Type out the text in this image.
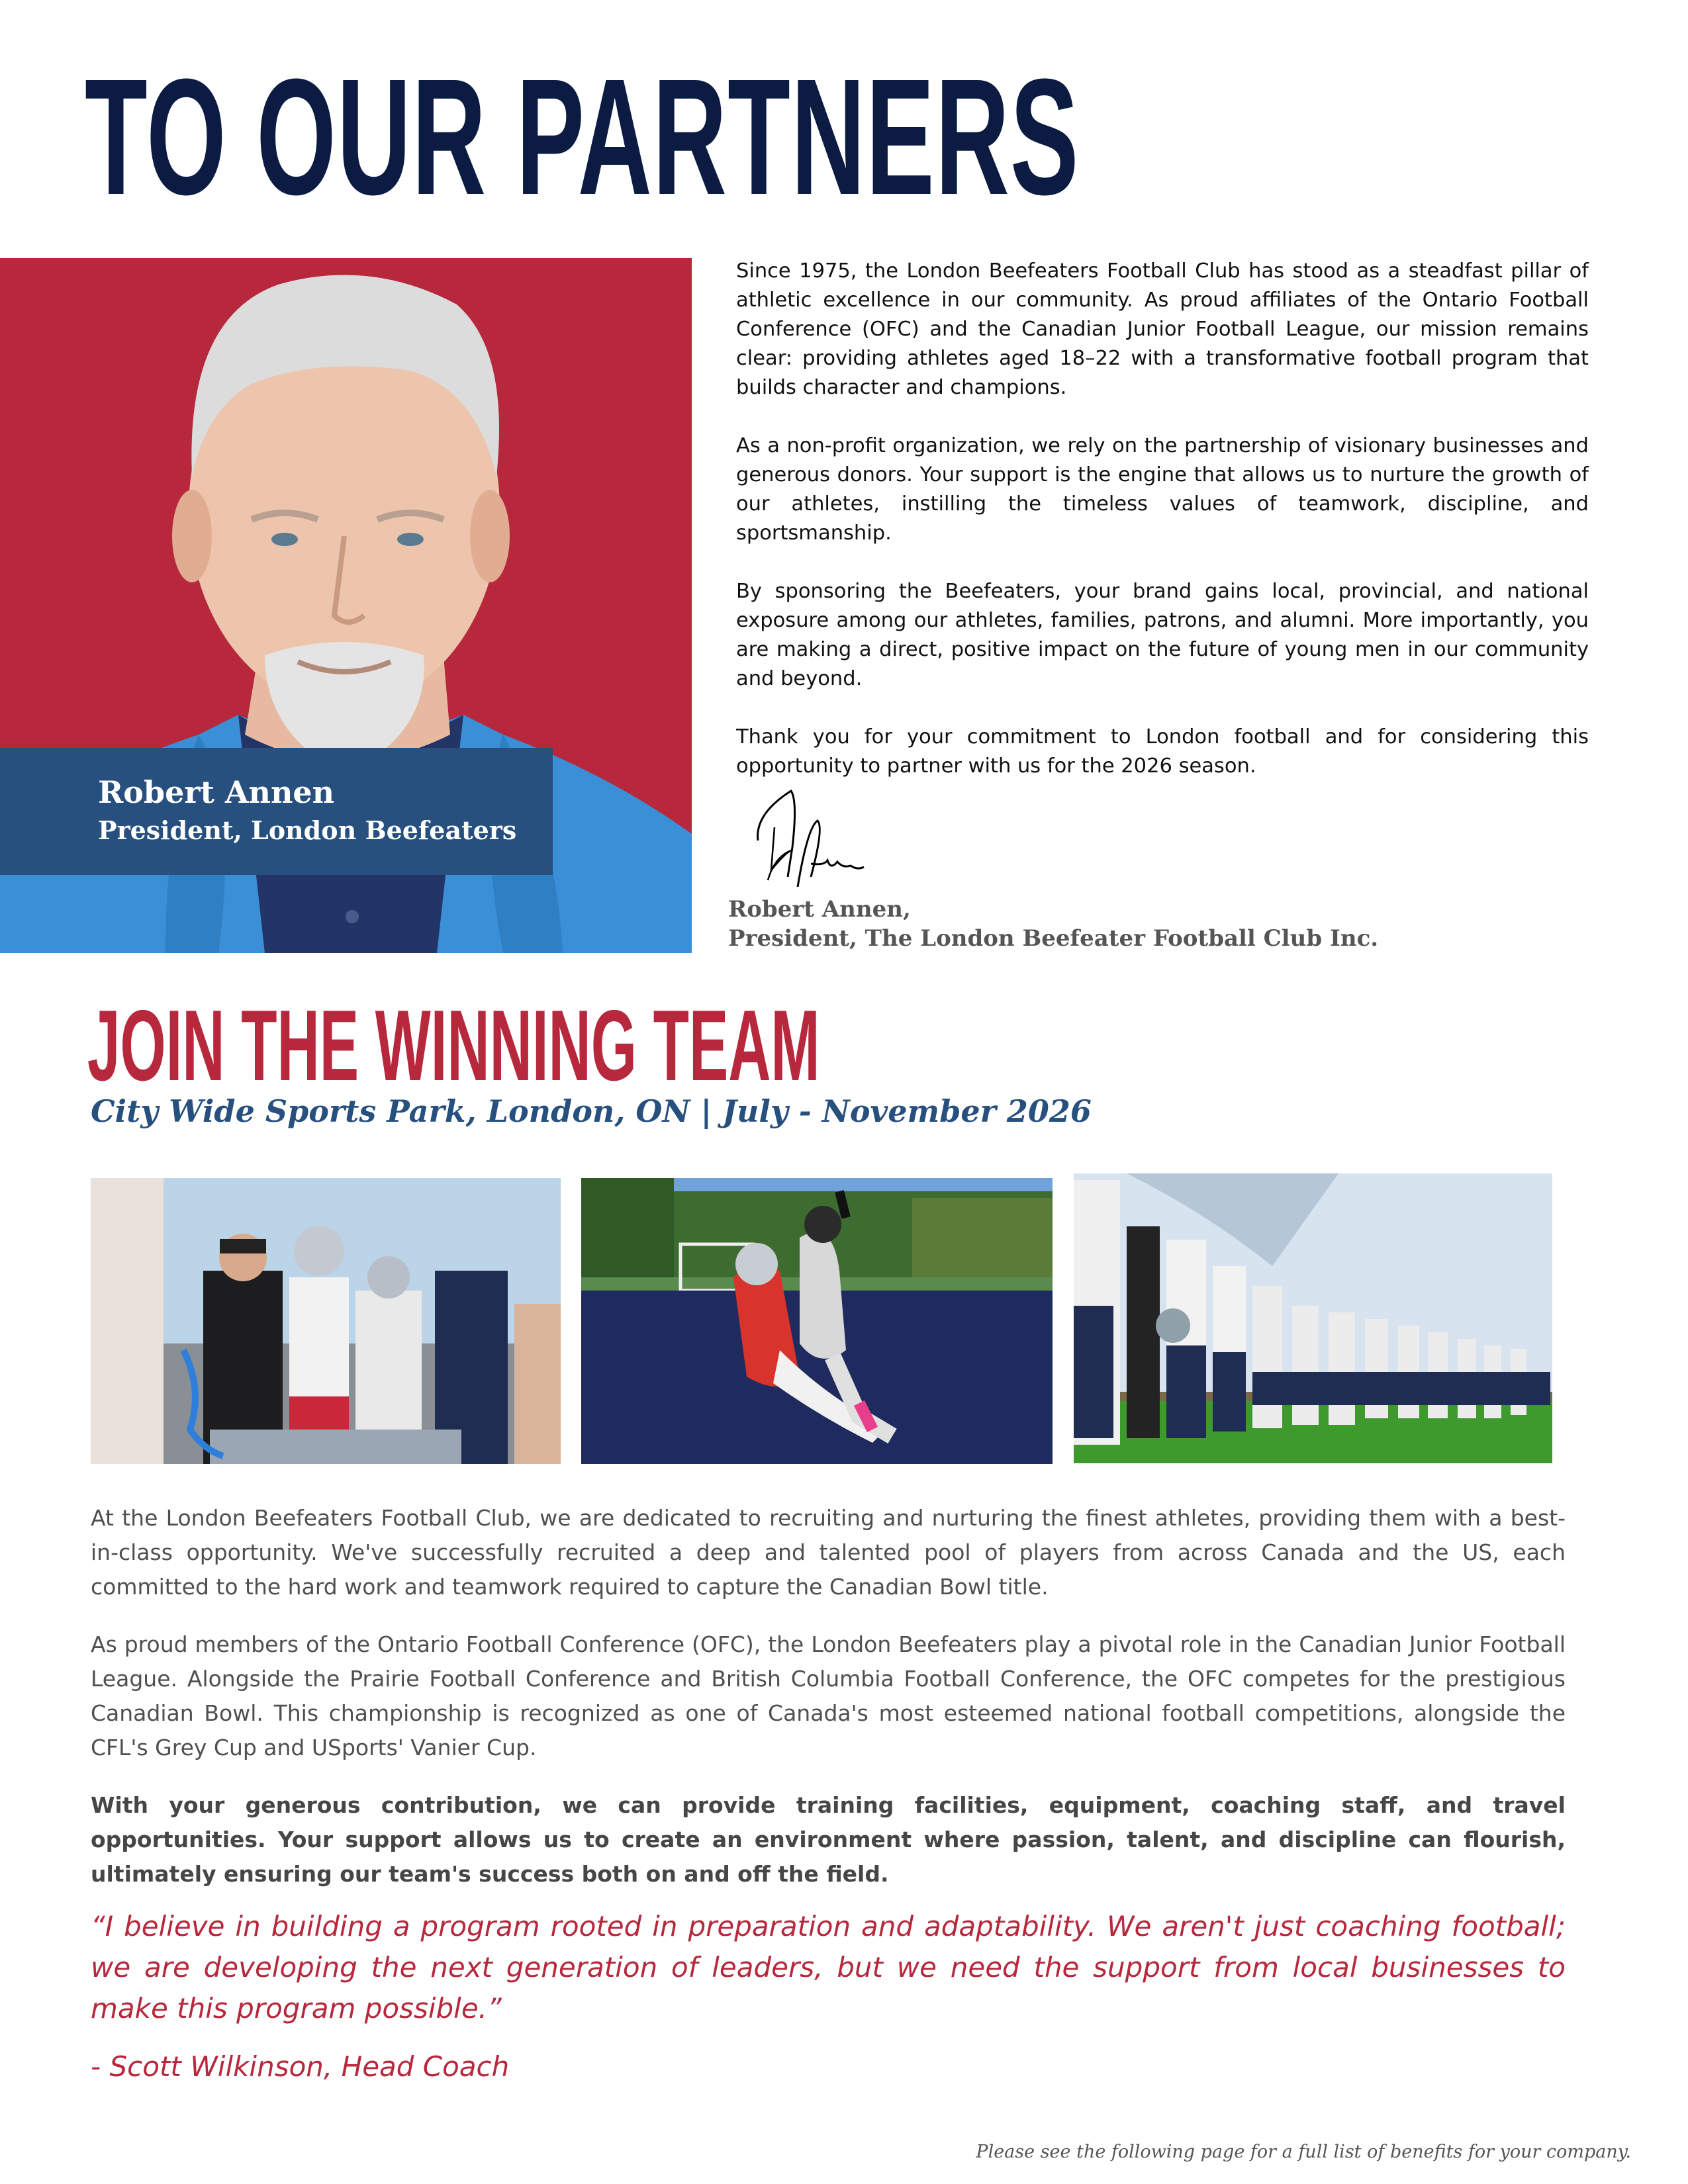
TO OUR PARTNERS
Robert Annen
President, London Beefeaters

Since 1975, the London Beefeaters Football Club has stood as a steadfast pillar of athletic excellence in our community. As proud affiliates of the Ontario Football Conference (OFC) and the Canadian Junior Football League, our mission remains clear: providing athletes aged 18–22 with a transformative football program that builds character and champions.

As a non-profit organization, we rely on the partnership of visionary businesses and generous donors. Your support is the engine that allows us to nurture the growth of our athletes, instilling the timeless values of teamwork, discipline, and sportsmanship.

By sponsoring the Beefeaters, your brand gains local, provincial, and national exposure among our athletes, families, patrons, and alumni. More importantly, you are making a direct, positive impact on the future of young men in our community and beyond.

Thank you for your commitment to London football and for considering this opportunity to partner with us for the 2026 season.

Robert Annen,
President, The London Beefeater Football Club Inc.
JOIN THE WINNING TEAM
City Wide Sports Park, London, ON | July - November 2026

At the London Beefeaters Football Club, we are dedicated to recruiting and nurturing the finest athletes, providing them with a best-in-class opportunity. We've successfully recruited a deep and talented pool of players from across Canada and the US, each committed to the hard work and teamwork required to capture the Canadian Bowl title.

As proud members of the Ontario Football Conference (OFC), the London Beefeaters play a pivotal role in the Canadian Junior Football League. Alongside the Prairie Football Conference and British Columbia Football Conference, the OFC competes for the prestigious Canadian Bowl. This championship is recognized as one of Canada's most esteemed national football competitions, alongside the CFL's Grey Cup and USports' Vanier Cup.

With your generous contribution, we can provide training facilities, equipment, coaching staff, and travel opportunities. Your support allows us to create an environment where passion, talent, and discipline can flourish, ultimately ensuring our team's success both on and off the field.

“I believe in building a program rooted in preparation and adaptability. We aren't just coaching football; we are developing the next generation of leaders, but we need the support from local businesses to make this program possible.”

- Scott Wilkinson, Head Coach
Please see the following page for a full list of benefits for your company.
